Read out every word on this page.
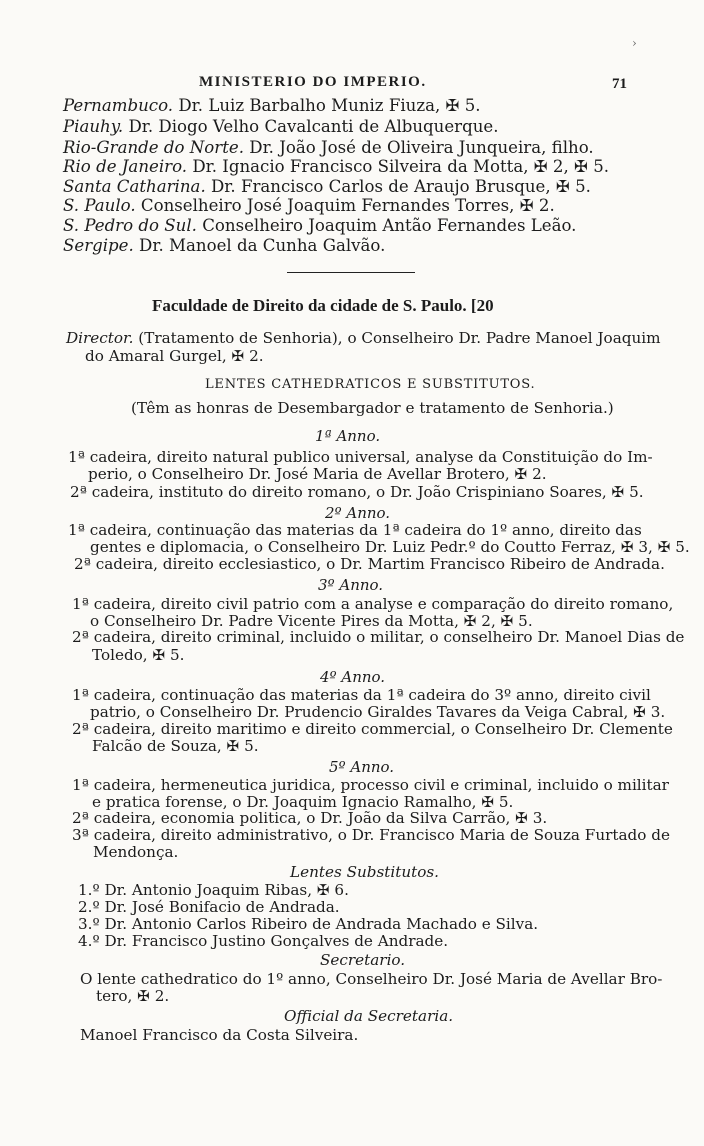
›
MINISTERIO DO IMPERIO.	71
Pernambuco. Dr. Luiz Barbalho Muniz Fiuza, ✠ 5.
Piauhy. Dr. Diogo Velho Cavalcanti de Albuquerque.
Rio-Grande do Norte. Dr. João José de Oliveira Junqueira, filho.
Rio de Janeiro. Dr. Ignacio Francisco Silveira da Motta, ✠ 2, ✠ 5.
Santa Catharina. Dr. Francisco Carlos de Araujo Brusque, ✠ 5.
S. Paulo. Conselheiro José Joaquim Fernandes Torres, ✠ 2.
S. Pedro do Sul. Conselheiro Joaquim Antão Fernandes Leão.
Sergipe. Dr. Manoel da Cunha Galvão.
Faculdade de Direito da cidade de S. Paulo. [20
Director. (Tratamento de Senhoria), o Conselheiro Dr. Padre Manoel Joaquim
do Amaral Gurgel, ✠ 2.
LENTES CATHEDRATICOS E SUBSTITUTOS.
(Têm as honras de Desembargador e tratamento de Senhoria.)
1ª Anno.
1ª cadeira, direito natural publico universal, analyse da Constituição do Im-
perio, o Conselheiro Dr. José Maria de Avellar Brotero, ✠ 2.
2ª cadeira, instituto do direito romano, o Dr. João Crispiniano Soares, ✠ 5.
2º Anno.
1ª cadeira, continuação das materias da 1ª cadeira do 1º anno, direito das
gentes e diplomacia, o Conselheiro Dr. Luiz Pedr.º do Coutto Ferraz, ✠ 3, ✠ 5.
2ª cadeira, direito ecclesiastico, o Dr. Martim Francisco Ribeiro de Andrada.
3º Anno.
1ª cadeira, direito civil patrio com a analyse e comparação do direito romano,
o Conselheiro Dr. Padre Vicente Pires da Motta, ✠ 2, ✠ 5.
2ª cadeira, direito criminal, incluido o militar, o conselheiro Dr. Manoel Dias de
Toledo, ✠ 5.
4º Anno.
1ª cadeira, continuação das materias da 1ª cadeira do 3º anno, direito civil
patrio, o Conselheiro Dr. Prudencio Giraldes Tavares da Veiga Cabral, ✠ 3.
2ª cadeira, direito maritimo e direito commercial, o Conselheiro Dr. Clemente
Falcão de Souza, ✠ 5.
5º Anno.
1ª cadeira, hermeneutica juridica, processo civil e criminal, incluido o militar
e pratica forense, o Dr. Joaquim Ignacio Ramalho, ✠ 5.
2ª cadeira, economia politica, o Dr. João da Silva Carrão, ✠ 3.
3ª cadeira, direito administrativo, o Dr. Francisco Maria de Souza Furtado de
Mendonça.
Lentes Substitutos.
1.º Dr. Antonio Joaquim Ribas, ✠ 6.
2.º Dr. José Bonifacio de Andrada.
3.º Dr. Antonio Carlos Ribeiro de Andrada Machado e Silva.
4.º Dr. Francisco Justino Gonçalves de Andrade.
Secretario.
O lente cathedratico do 1º anno, Conselheiro Dr. José Maria de Avellar Bro-
tero, ✠ 2.
Official da Secretaria.
Manoel Francisco da Costa Silveira.
